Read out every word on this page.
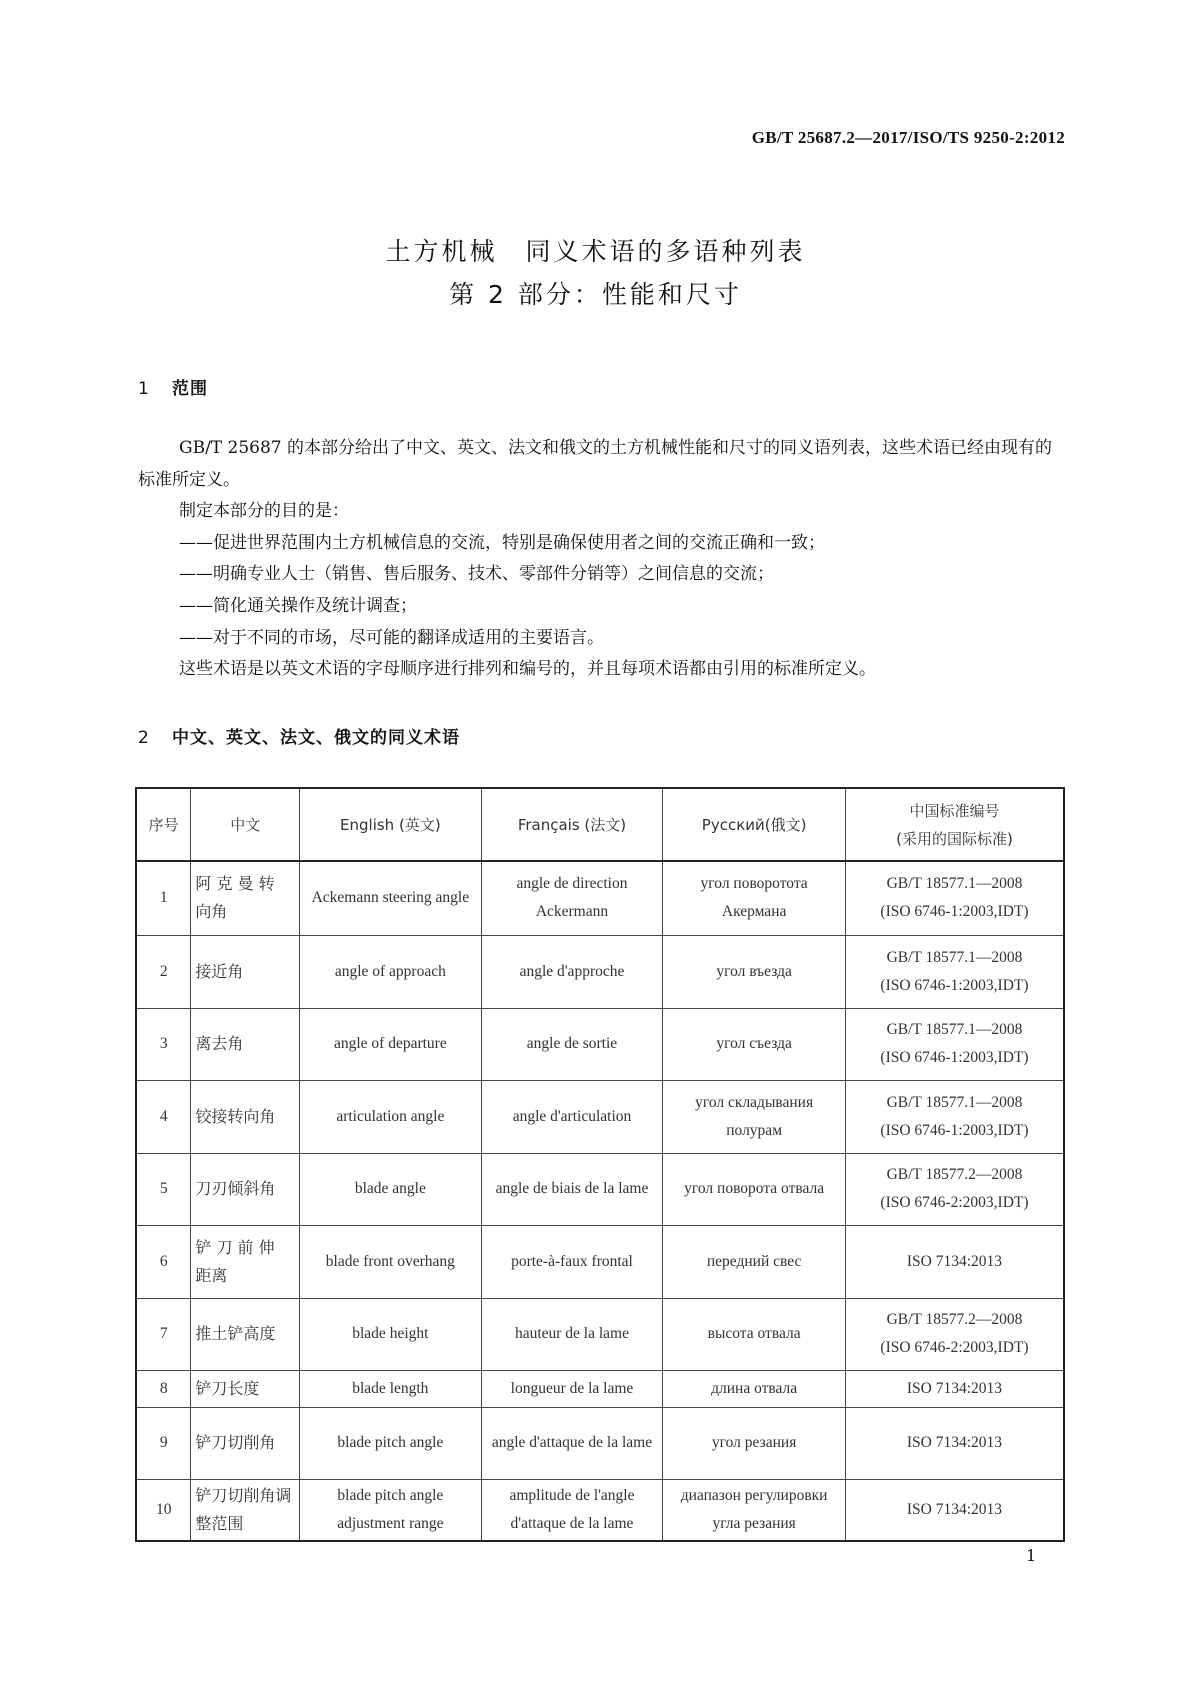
GB/T 25687.2—2017/ISO/TS 9250-2:2012
土方机械　同义术语的多语种列表
第 2 部分：性能和尺寸
1 范围

GB/T 25687 的本部分给出了中文、英文、法文和俄文的土方机械性能和尺寸的同义语列表，这些术语已经由现有的标准所定义。

制定本部分的目的是：

——促进世界范围内土方机械信息的交流，特别是确保使用者之间的交流正确和一致；

——明确专业人士（销售、售后服务、技术、零部件分销等）之间信息的交流；

——简化通关操作及统计调查；

——对于不同的市场，尽可能的翻译成适用的主要语言。

这些术语是以英文术语的字母顺序进行排列和编号的，并且每项术语都由引用的标准所定义。

2 中文、英文、法文、俄文的同义术语
序号	中文	English (英文)	Français (法文)	Русский(俄文)	中国标准编号
(采用的国际标准)

1	阿 克 曼 转 向角	Ackemann steering angle	angle de direction Ackermann	угол поворотота Акермана	GB/T 18577.1—2008
(ISO 6746-1:2003,IDT)

2	接近角	angle of approach	angle d'approche	угол въезда	GB/T 18577.1—2008
(ISO 6746-1:2003,IDT)

3	离去角	angle of departure	angle de sortie	угол съезда	GB/T 18577.1—2008
(ISO 6746-1:2003,IDT)

4	铰接转向角	articulation angle	angle d'articulation	угол складывания полурам	GB/T 18577.1—2008
(ISO 6746-1:2003,IDT)

5	刀刃倾斜角	blade angle	angle de biais de la lame	угол поворота отвала	GB/T 18577.2—2008
(ISO 6746-2:2003,IDT)

6	铲 刀 前 伸 距离	blade front overhang	porte-à-faux frontal	передний свес	ISO 7134:2013

7	推土铲高度	blade height	hauteur de la lame	высота отвала	GB/T 18577.2—2008
(ISO 6746-2:2003,IDT)

8	铲刀长度	blade length	longueur de la lame	длина отвала	ISO 7134:2013

9	铲刀切削角	blade pitch angle	angle d'attaque de la lame	угол резания	ISO 7134:2013

10	铲刀切削角调整范围	blade pitch angle adjustment range	amplitude de l'angle d'attaque de la lame	диапазон регулировки угла резания	ISO 7134:2013
1
